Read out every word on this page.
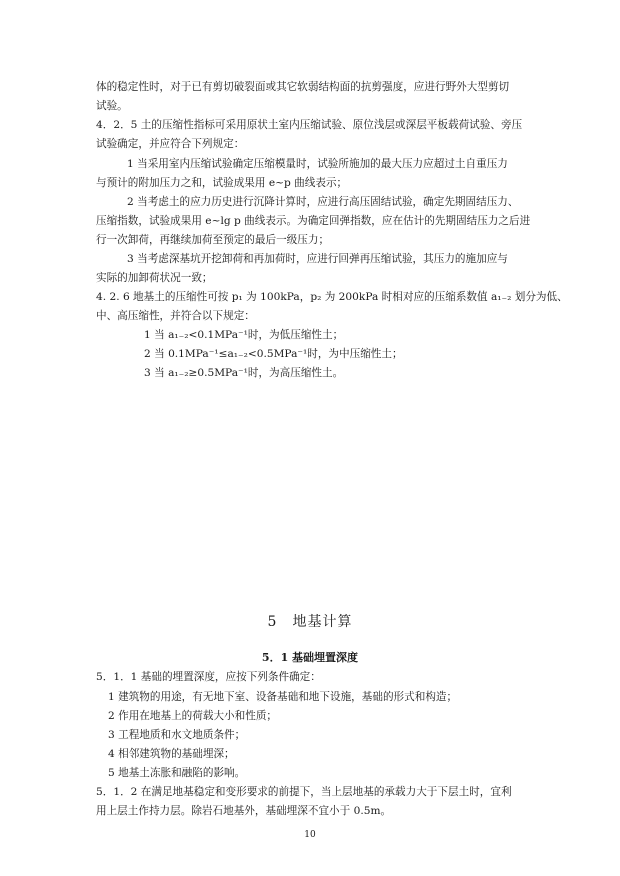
体的稳定性时，对于已有剪切破裂面或其它软弱结构面的抗剪强度，应进行野外大型剪切
试验。
4．2．5 土的压缩性指标可采用原状土室内压缩试验、原位浅层或深层平板载荷试验、旁压
试验确定，并应符合下列规定：
1 当采用室内压缩试验确定压缩模量时，试验所施加的最大压力应超过土自重压力
与预计的附加压力之和，试验成果用 e~p 曲线表示；
2 当考虑土的应力历史进行沉降计算时，应进行高压固结试验，确定先期固结压力、
压缩指数，试验成果用 e~lg p 曲线表示。为确定回弹指数，应在估计的先期固结压力之后进
行一次卸荷，再继续加荷至预定的最后一级压力；
3 当考虑深基坑开挖卸荷和再加荷时，应进行回弹再压缩试验，其压力的施加应与
实际的加卸荷状况一致；
4. 2. 6 地基土的压缩性可按 p₁ 为 100kPa，p₂ 为 200kPa 时相对应的压缩系数值 a₁₋₂ 划分为低、
中、高压缩性，并符合以下规定：
1 当 a₁₋₂<0.1MPa⁻¹时，为低压缩性土；
2 当 0.1MPa⁻¹≤a₁₋₂<0.5MPa⁻¹时，为中压缩性土；
3 当 a₁₋₂≥0.5MPa⁻¹时，为高压缩性土。
5　地基计算
5．1 基础埋置深度
5．1．1 基础的埋置深度，应按下列条件确定：
1 建筑物的用途，有无地下室、设备基础和地下设施，基础的形式和构造；
2 作用在地基上的荷载大小和性质；
3 工程地质和水文地质条件；
4 相邻建筑物的基础埋深；
5 地基土冻胀和融陷的影响。
5．1．2 在满足地基稳定和变形要求的前提下，当上层地基的承载力大于下层土时，宜利
用上层土作持力层。除岩石地基外，基础埋深不宜小于 0.5m。
10
